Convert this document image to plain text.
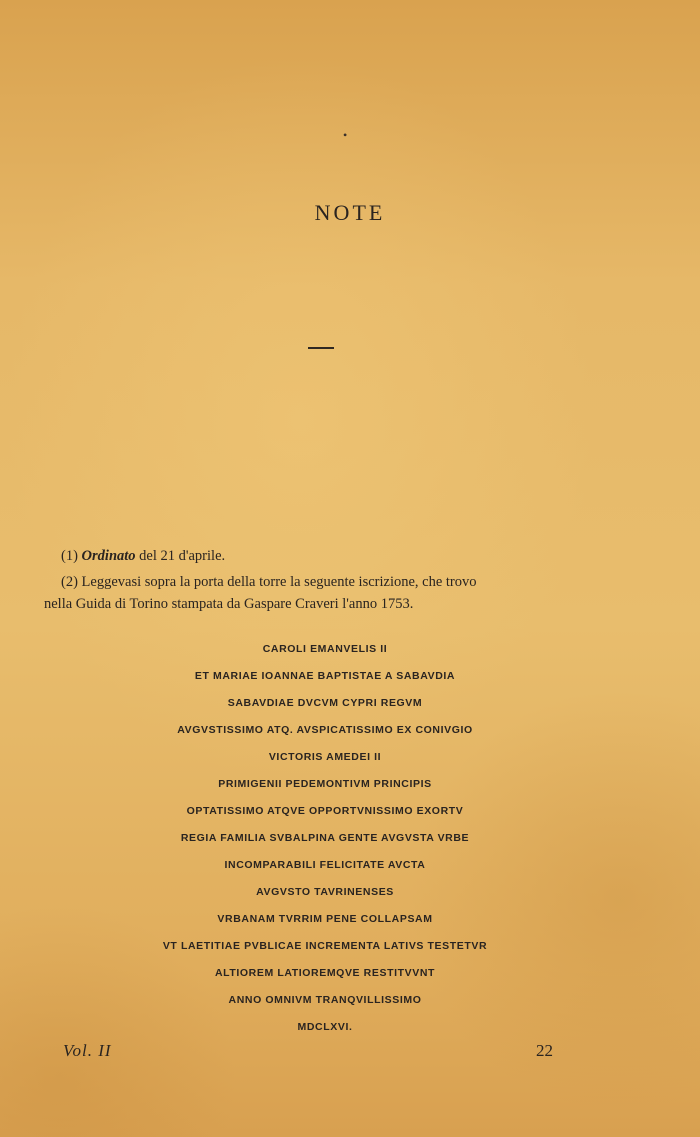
•
NOTE

(1) Ordinato del 21 d'aprile.

(2) Leggevasi sopra la porta della torre la seguente iscrizione, che trovo
nella Guida di Torino stampata da Gaspare Craveri l'anno 1753.

CAROLI EMANVELIS II
ET MARIAE IOANNAE BAPTISTAE A SABAVDIA
SABAVDIAE DVCVM CYPRI REGVM
AVGVSTISSIMO ATQ. AVSPICATISSIMO EX CONIVGIO
VICTORIS AMEDEI II
PRIMIGENII PEDEMONTIVM PRINCIPIS
OPTATISSIMO ATQVE OPPORTVNISSIMO EXORTV
REGIA FAMILIA SVBALPINA GENTE AVGVSTA VRBE
INCOMPARABILI FELICITATE AVCTA
AVGVSTO TAVRINENSES
VRBANAM TVRRIM PENE COLLAPSAM
VT LAETITIAE PVBLICAE INCREMENTA LATIVS TESTETVR
ALTIOREM LATIOREMQVE RESTITVVNT
ANNO OMNIVM TRANQVILLISSIMO
MDCLXVI.
Vol. II	22
